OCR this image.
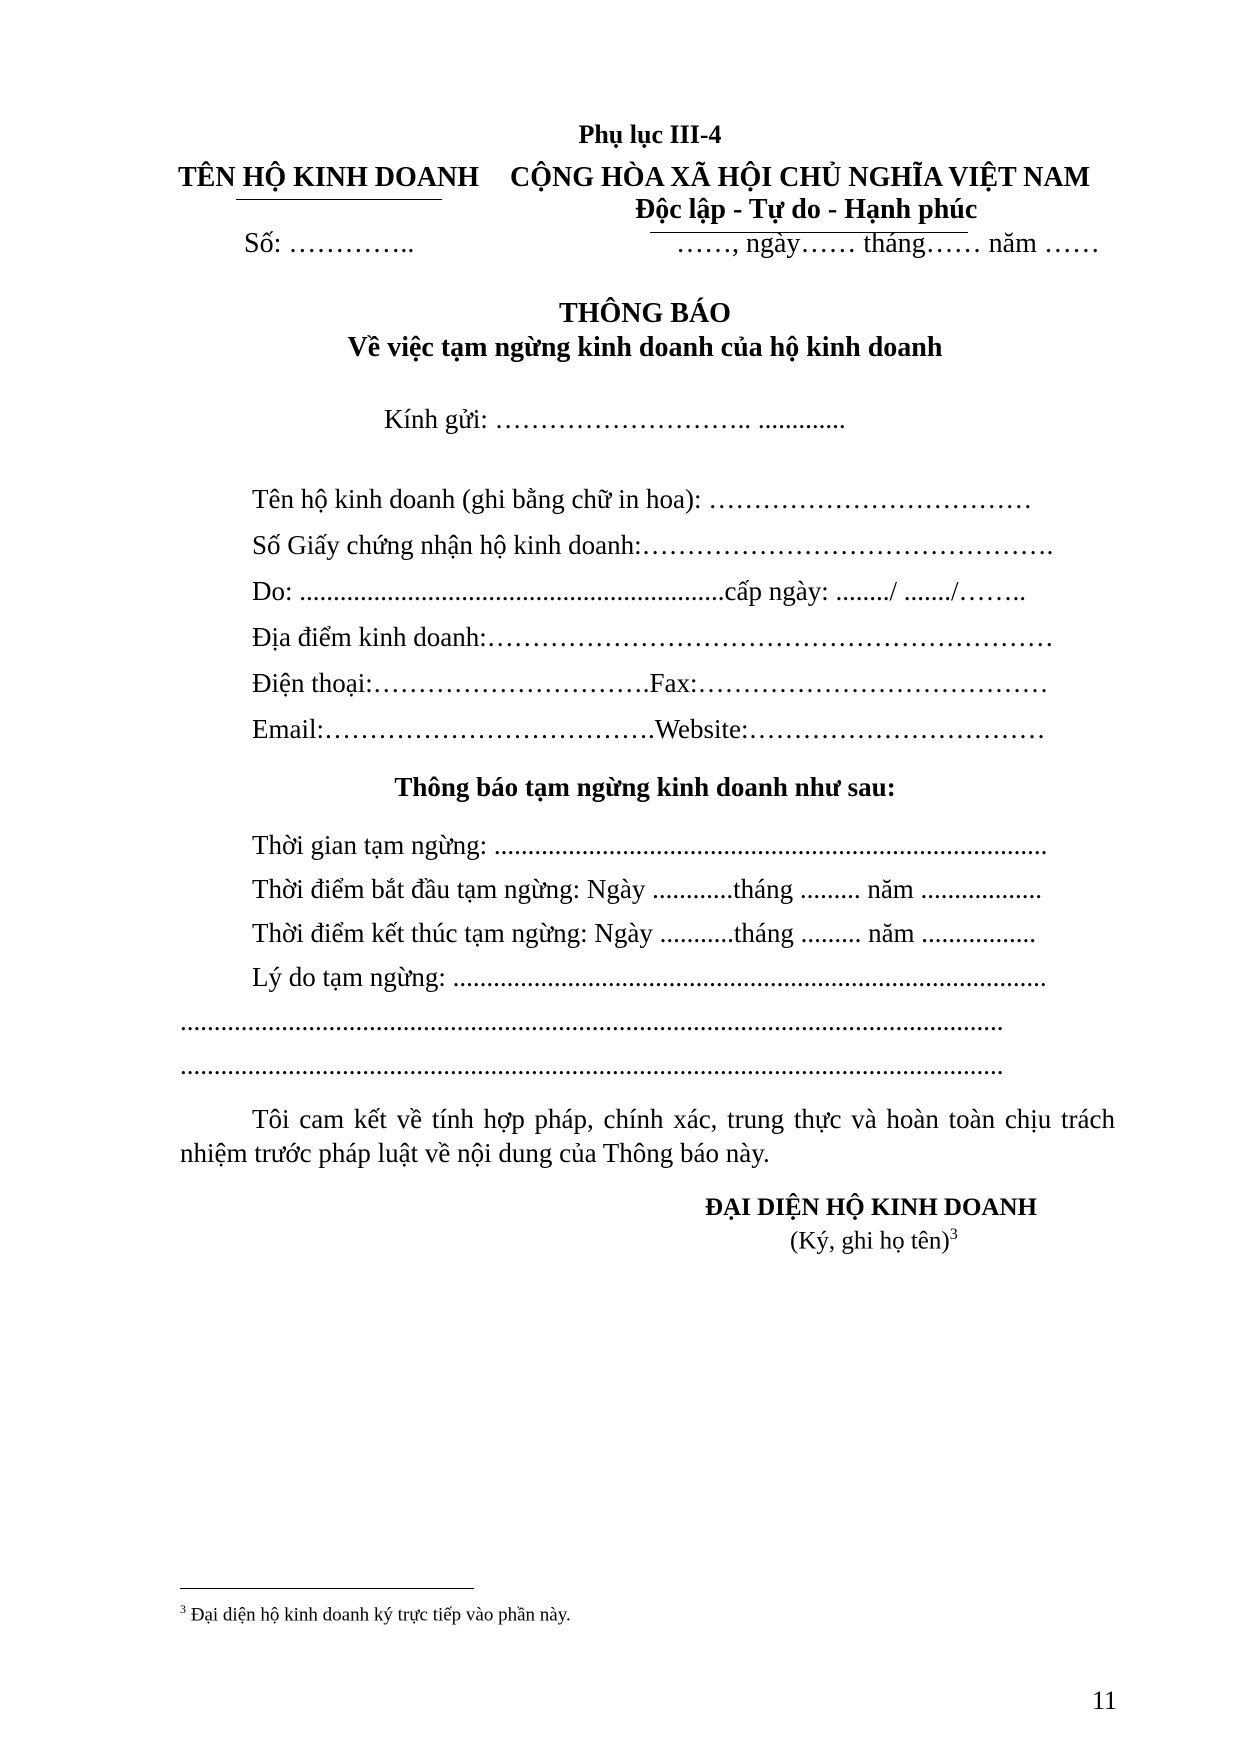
Phụ lục III-4
TÊN HỘ KINH DOANH CỘNG HÒA XÃ HỘI CHỦ NGHĨA VIỆT NAM
Độc lập - Tự do - Hạnh phúc
Số: …………..	……, ngày…… tháng…… năm ……
THÔNG BÁO
Về việc tạm ngừng kinh doanh của hộ kinh doanh
Kính gửi: ……………………….. .............
Tên hộ kinh doanh (ghi bằng chữ in hoa): ………………………………
Số Giấy chứng nhận hộ kinh doanh:……………………………………….
Do: ...............................................................cấp ngày: ......../ ......./……..
Địa điểm kinh doanh:………………………………………………………
Điện thoại:………………………….Fax:…………………………………
Email:……………………………….Website:……………………………
Thông báo tạm ngừng kinh doanh như sau:
Thời gian tạm ngừng: ..................................................................................
Thời điểm bắt đầu tạm ngừng: Ngày ............tháng ......... năm ..................
Thời điểm kết thúc tạm ngừng: Ngày ...........tháng ......... năm .................
Lý do tạm ngừng: ........................................................................................
..........................................................................................................................
..........................................................................................................................
Tôi cam kết về tính hợp pháp, chính xác, trung thực và hoàn toàn chịu trách nhiệm trước pháp luật về nội dung của Thông báo này.
ĐẠI DIỆN HỘ KINH DOANH
(Ký, ghi họ tên)$^3$
$^3$ Đại diện hộ kinh doanh ký trực tiếp vào phần này.
11
